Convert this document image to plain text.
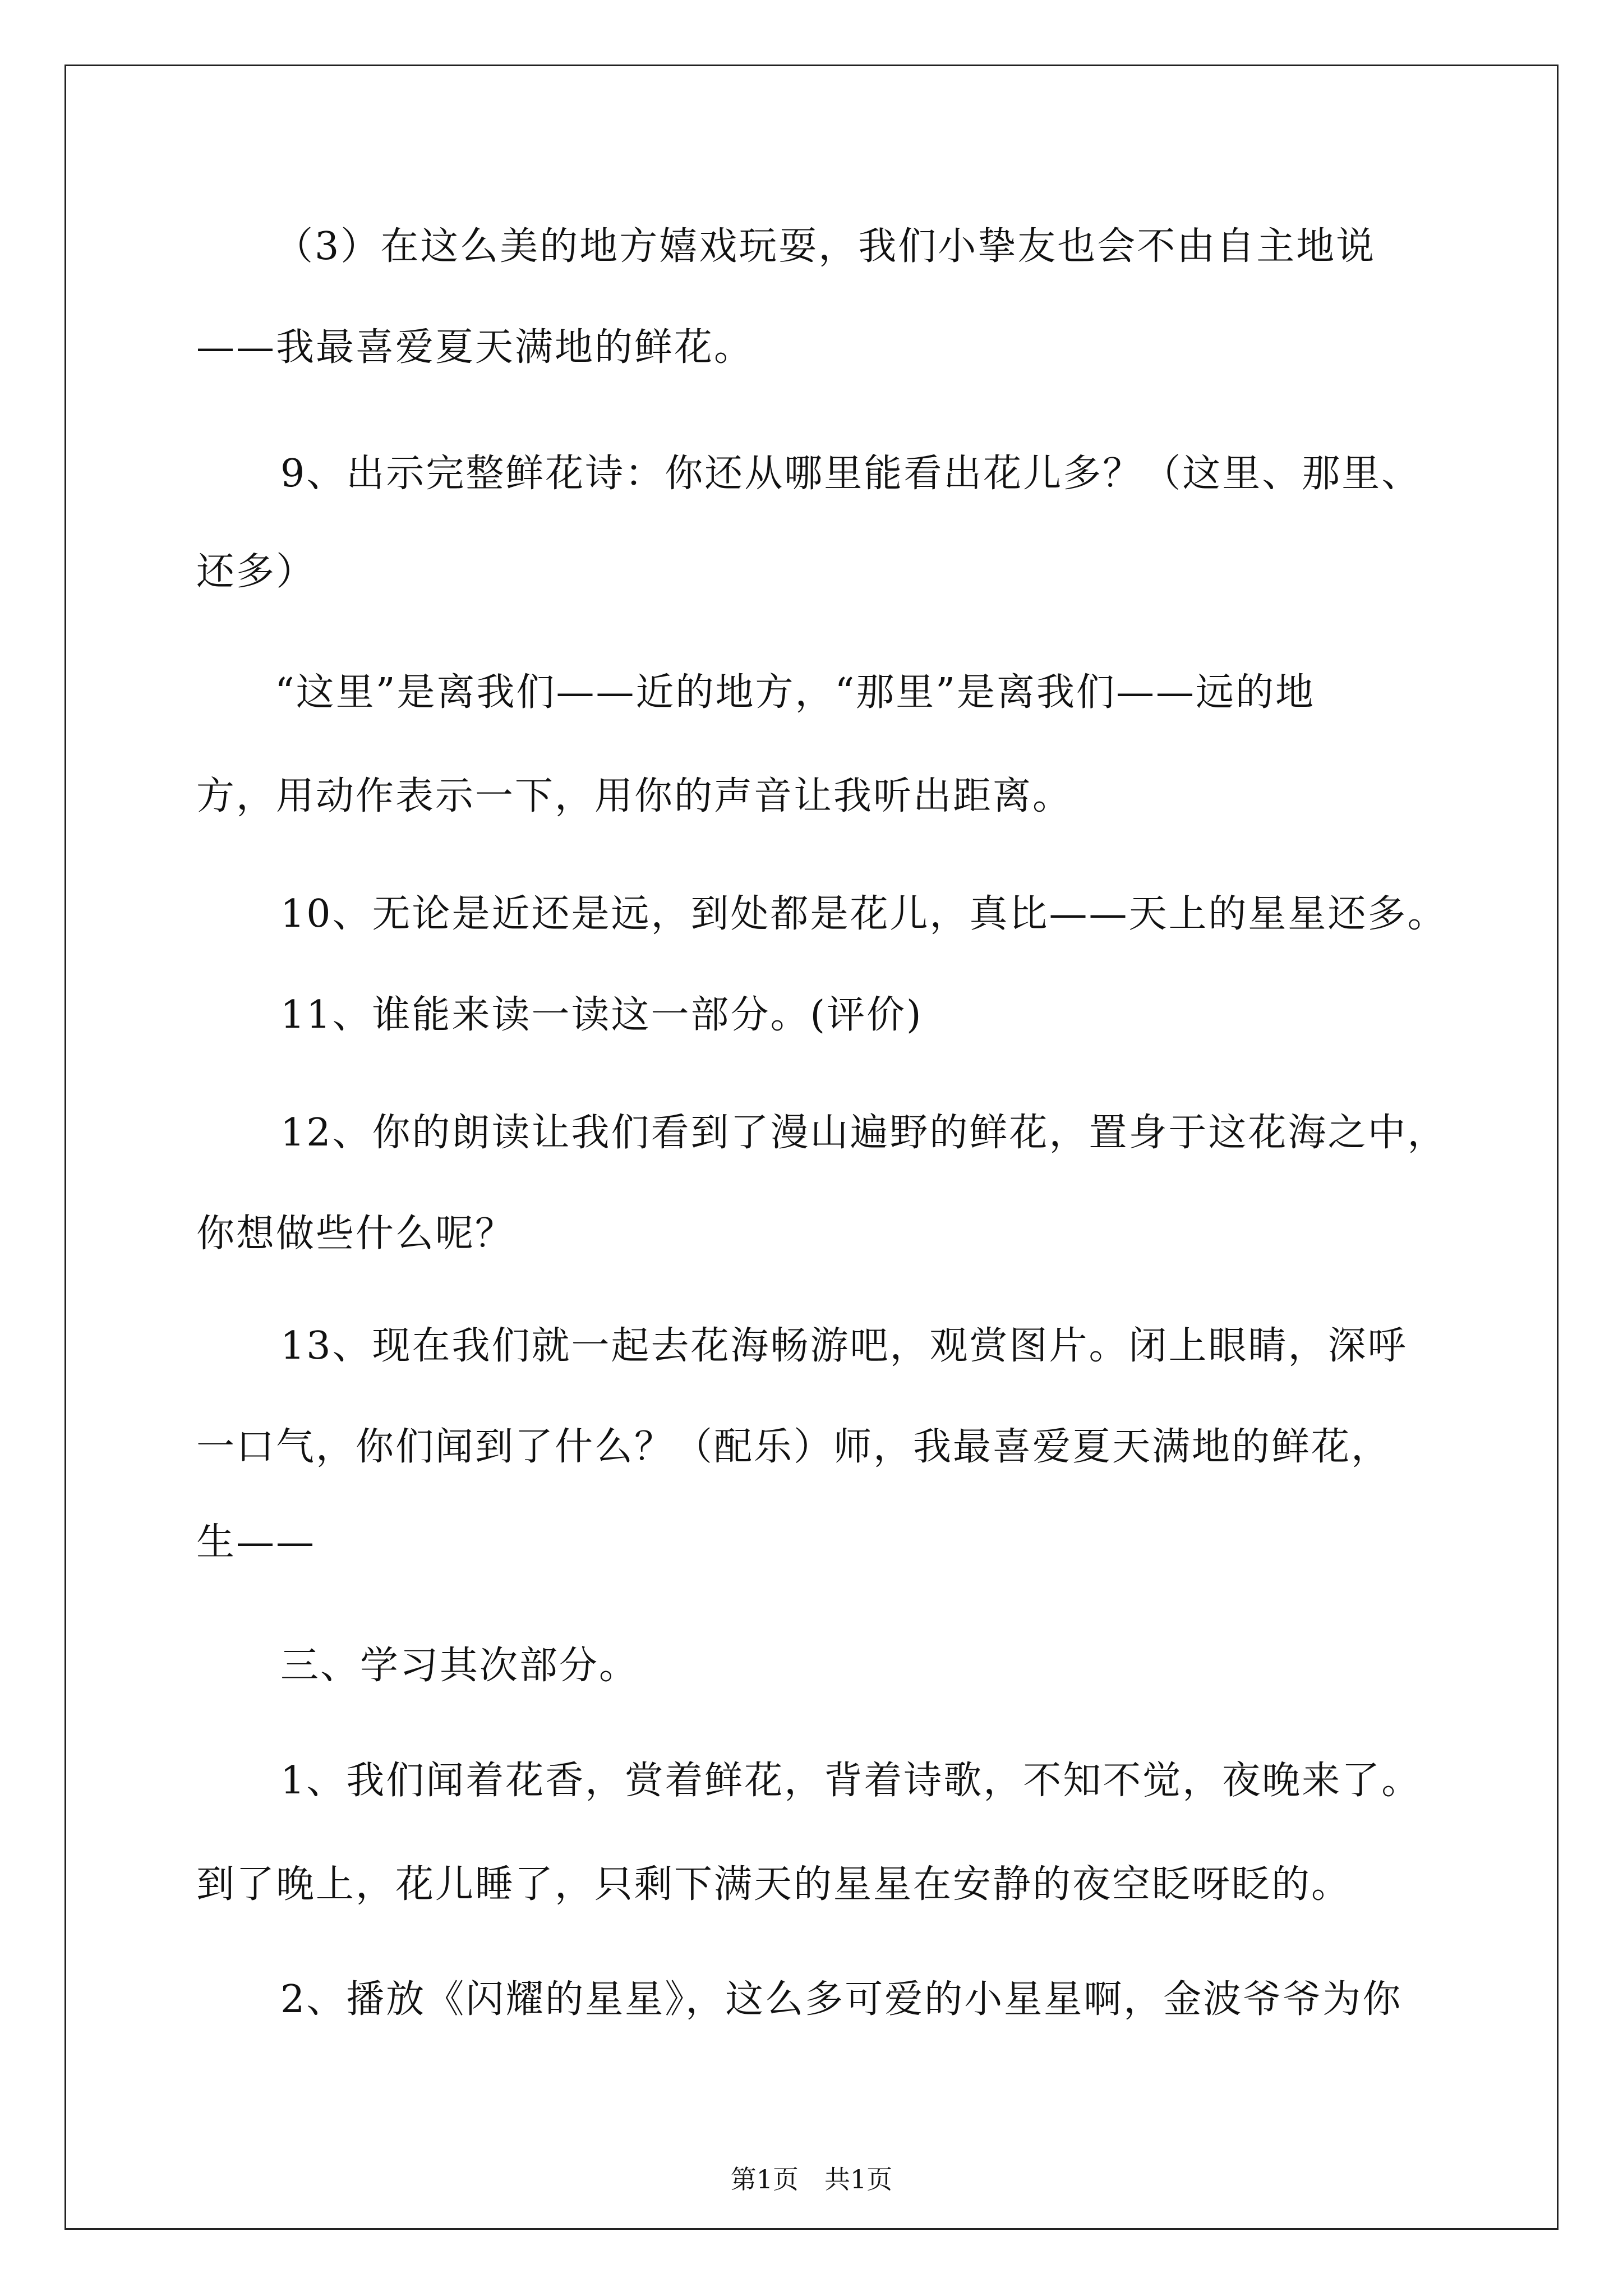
（3）在这么美的地方嬉戏玩耍，我们小挚友也会不由自主地说
——我最喜爱夏天满地的鲜花。
9、出示完整鲜花诗：你还从哪里能看出花儿多？（这里、那里、
还多）
“这里”是离我们——近的地方，“那里”是离我们——远的地
方，用动作表示一下，用你的声音让我听出距离。
10、无论是近还是远，到处都是花儿，真比——天上的星星还多。
11、谁能来读一读这一部分。(评价)
12、你的朗读让我们看到了漫山遍野的鲜花，置身于这花海之中，
你想做些什么呢？
13、现在我们就一起去花海畅游吧，观赏图片。闭上眼睛，深呼
一口气，你们闻到了什么？（配乐）师，我最喜爱夏天满地的鲜花，
生——
三、学习其次部分。
1、我们闻着花香，赏着鲜花，背着诗歌，不知不觉，夜晚来了。
到了晚上，花儿睡了，只剩下满天的星星在安静的夜空眨呀眨的。
2、播放《闪耀的星星》，这么多可爱的小星星啊，金波爷爷为你
第1页　共1页
